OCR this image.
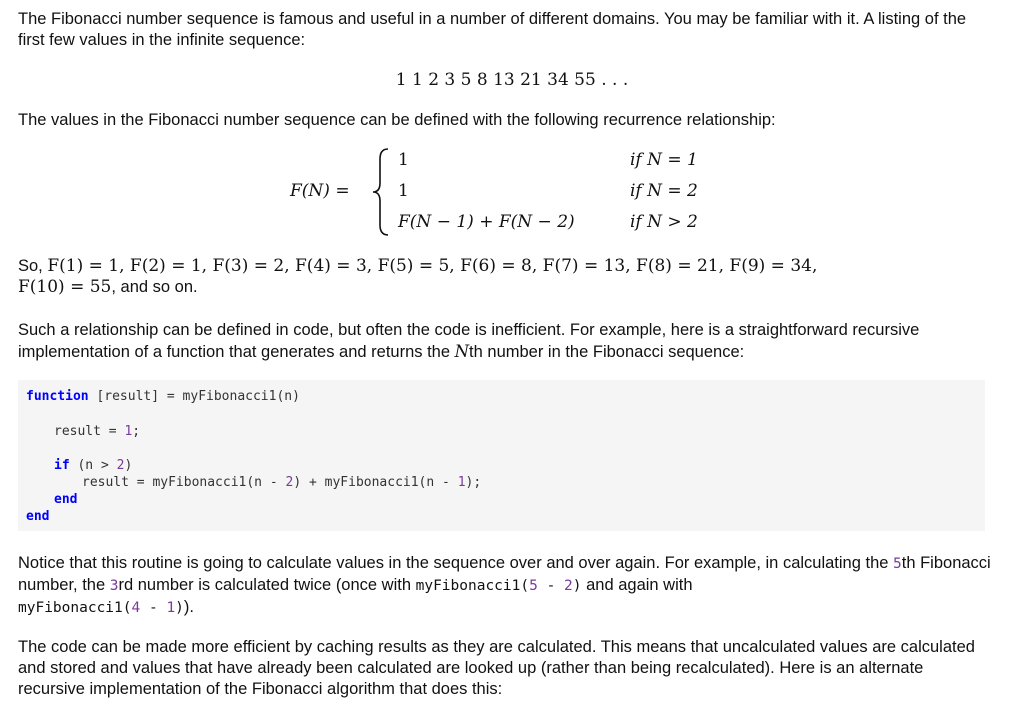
The Fibonacci number sequence is famous and useful in a number of different domains. You may be familiar with it. A listing of the first few values in the infinite sequence:

1 1 2 3 5 8 13 21 34 55 . . .

The values in the Fibonacci number sequence can be defined with the following recurrence relationship:

F(N) =
1	if N = 1
1	if N = 2
F(N − 1) + F(N − 2)	if N > 2

So, F(1) = 1, F(2) = 1, F(3) = 2, F(4) = 3, F(5) = 5, F(6) = 8, F(7) = 13, F(8) = 21, F(9) = 34,
F(10) = 55, and so on.

Such a relationship can be defined in code, but often the code is inefficient. For example, here is a straightforward recursive implementation of a function that generates and returns the Nth number in the Fibonacci sequence:

function [result] = myFibonacci1(n)
result = 1;
if (n > 2)
result = myFibonacci1(n - 2) + myFibonacci1(n - 1);
end
end

Notice that this routine is going to calculate values in the sequence over and over again. For example, in calculating the 5th Fibonacci number, the 3rd number is calculated twice (once with myFibonacci1(5 - 2) and again with
myFibonacci1(4 - 1)).

The code can be made more efficient by caching results as they are calculated. This means that uncalculated values are calculated and stored and values that have already been calculated are looked up (rather than being recalculated). Here is an alternate recursive implementation of the Fibonacci algorithm that does this:
